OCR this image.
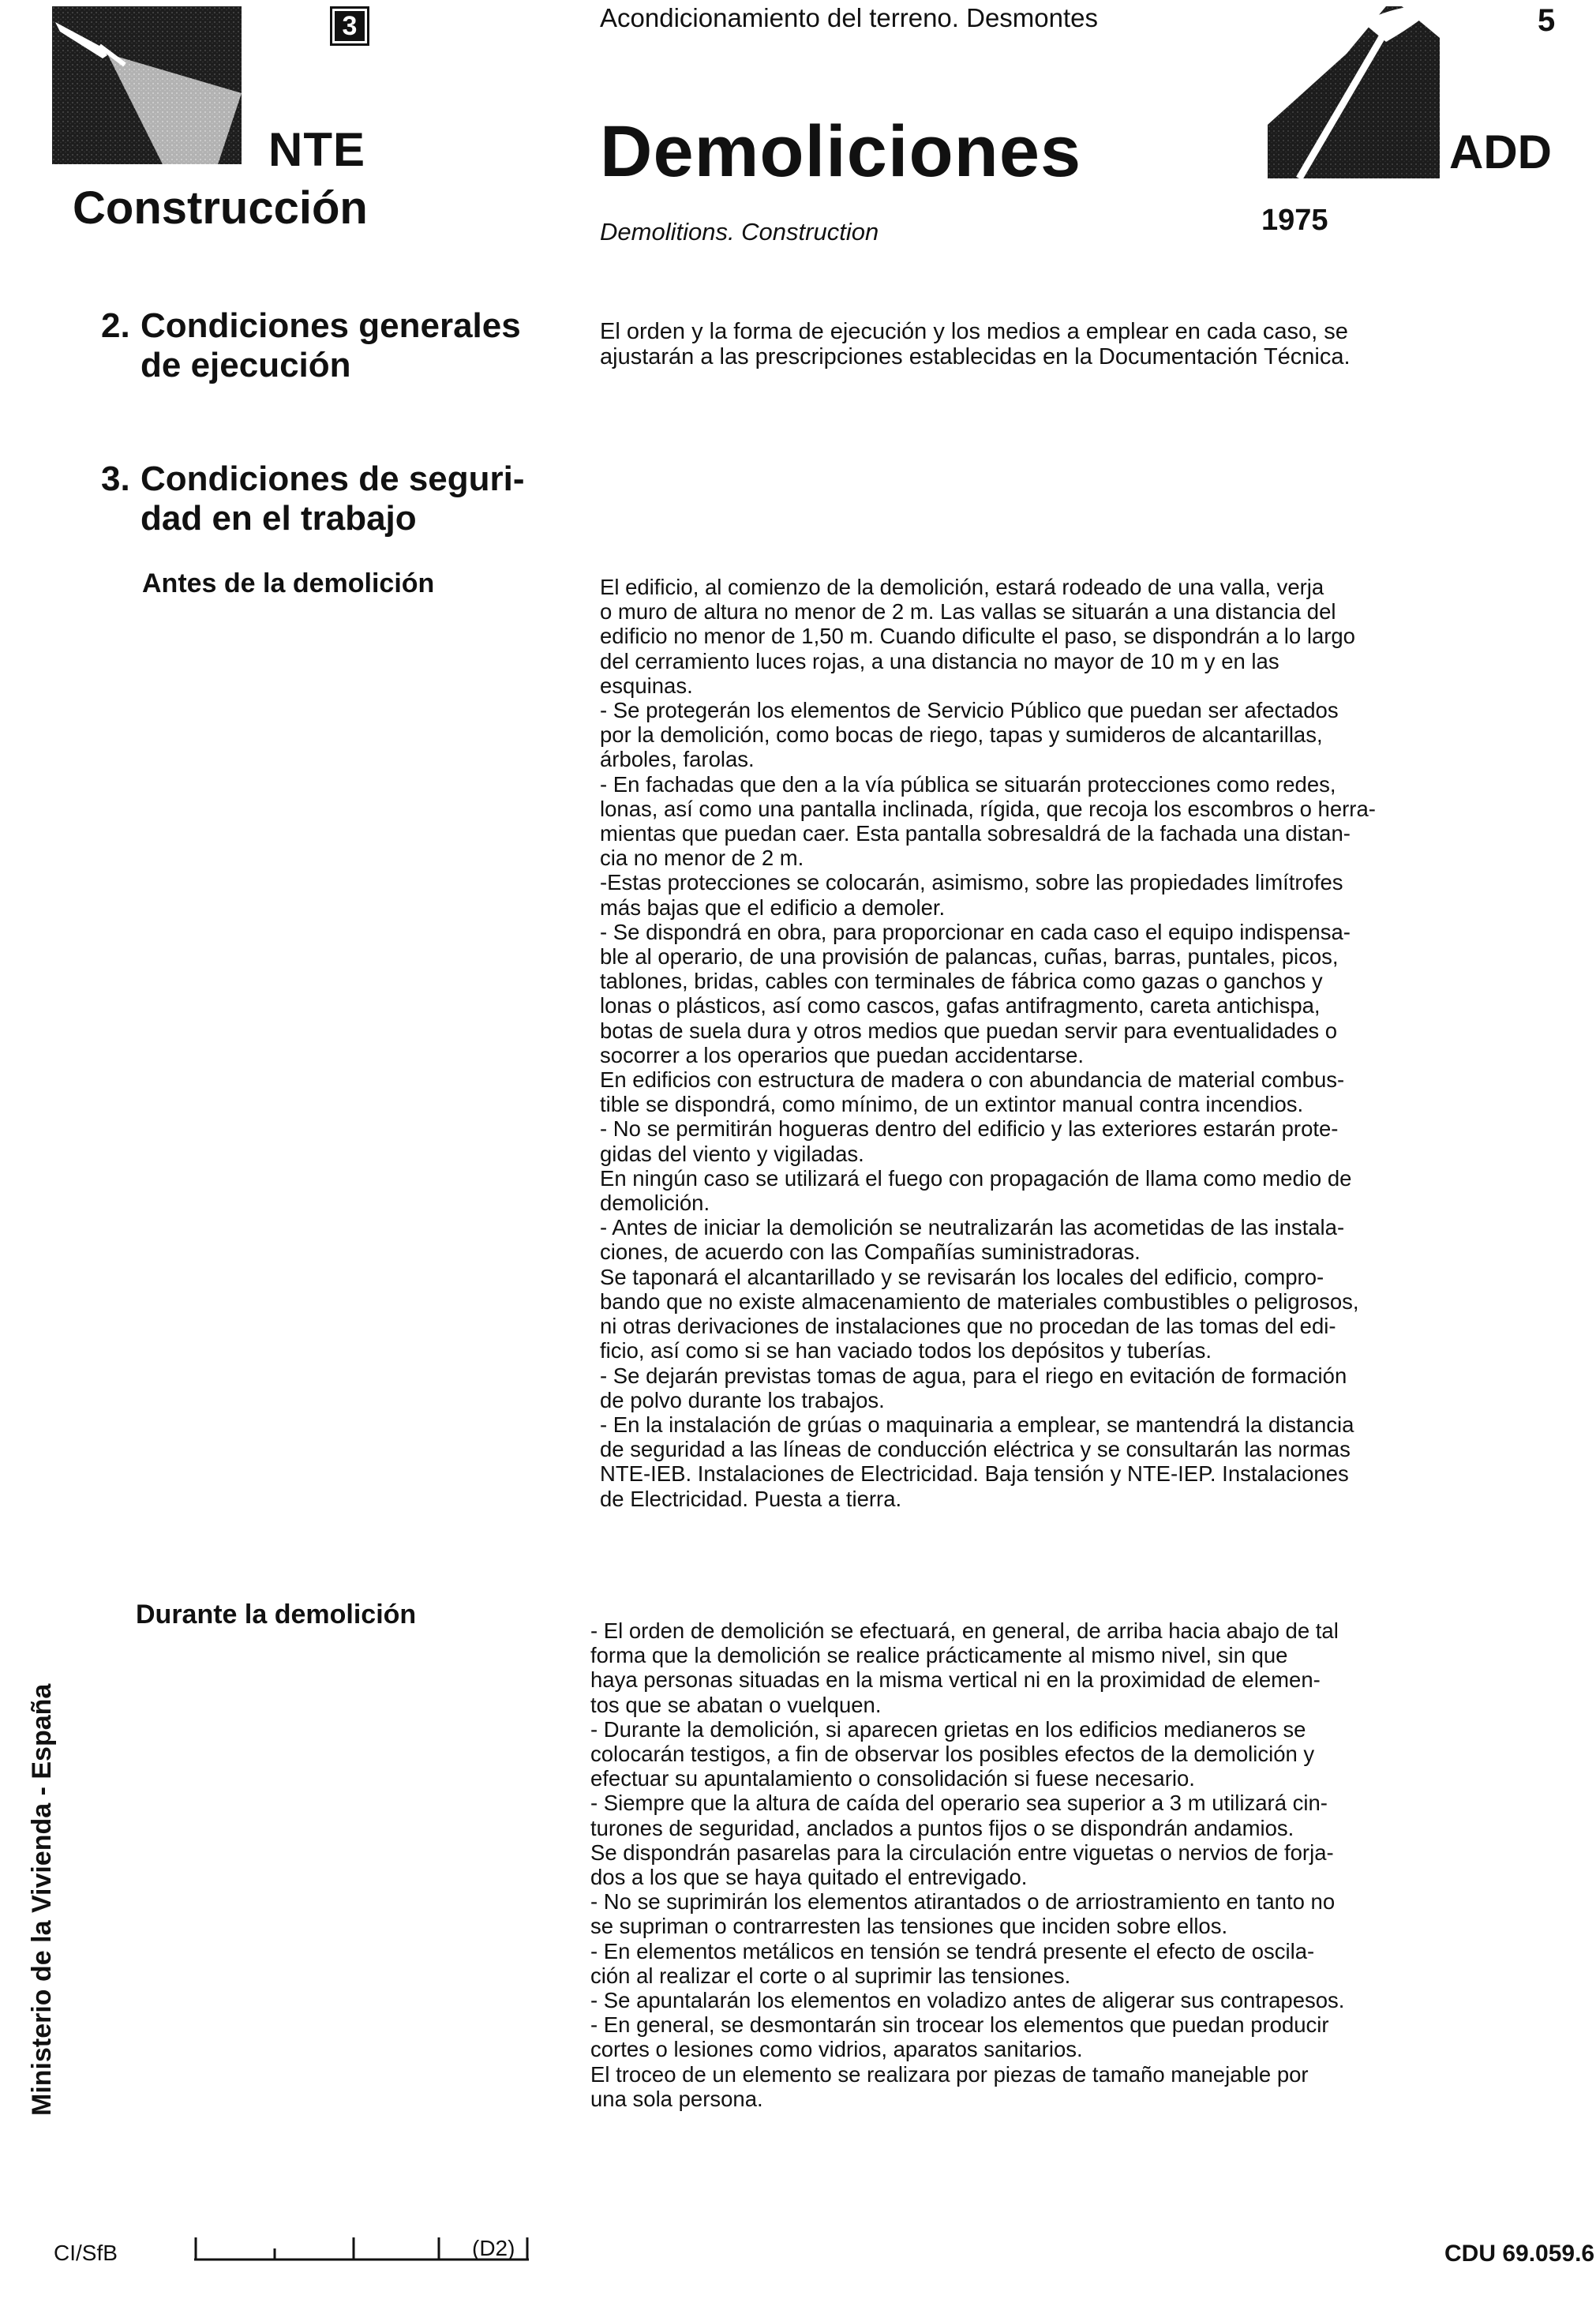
3
NTE
Construcción
Acondicionamiento del terreno. Desmontes
Demoliciones
Demolitions. Construction
ADD
5
1975
2. Condiciones generales
de ejecución

El orden y la forma de ejecución y los medios a emplear en cada caso, se

ajustarán a las prescripciones establecidas en la Documentación Técnica.

3. Condiciones de seguri-
dad en el trabajo
Antes de la demolición	El edificio, al comienzo de la demolición, estará rodeado de una valla, verja

o muro de altura no menor de 2 m. Las vallas se situarán a una distancia del

edificio no menor de 1,50 m. Cuando dificulte el paso, se dispondrán a lo largo

del cerramiento luces rojas, a una distancia no mayor de 10 m y en las

esquinas.

- Se protegerán los elementos de Servicio Público que puedan ser afectados

por la demolición, como bocas de riego, tapas y sumideros de alcantarillas,

árboles, farolas.

- En fachadas que den a la vía pública se situarán protecciones como redes,

lonas, así como una pantalla inclinada, rígida, que recoja los escombros o herra-

mientas que puedan caer. Esta pantalla sobresaldrá de la fachada una distan-

cia no menor de 2 m.

-Estas protecciones se colocarán, asimismo, sobre las propiedades limítrofes

más bajas que el edificio a demoler.

- Se dispondrá en obra, para proporcionar en cada caso el equipo indispensa-

ble al operario, de una provisión de palancas, cuñas, barras, puntales, picos,

tablones, bridas, cables con terminales de fábrica como gazas o ganchos y

lonas o plásticos, así como cascos, gafas antifragmento, careta antichispa,

botas de suela dura y otros medios que puedan servir para eventualidades o

socorrer a los operarios que puedan accidentarse.

En edificios con estructura de madera o con abundancia de material combus-

tible se dispondrá, como mínimo, de un extintor manual contra incendios.

- No se permitirán hogueras dentro del edificio y las exteriores estarán prote-

gidas del viento y vigiladas.

En ningún caso se utilizará el fuego con propagación de llama como medio de

demolición.

- Antes de iniciar la demolición se neutralizarán las acometidas de las instala-

ciones, de acuerdo con las Compañías suministradoras.

Se taponará el alcantarillado y se revisarán los locales del edificio, compro-

bando que no existe almacenamiento de materiales combustibles o peligrosos,

ni otras derivaciones de instalaciones que no procedan de las tomas del edi-

ficio, así como si se han vaciado todos los depósitos y tuberías.

- Se dejarán previstas tomas de agua, para el riego en evitación de formación

de polvo durante los trabajos.

- En la instalación de grúas o maquinaria a emplear, se mantendrá la distancia

de seguridad a las líneas de conducción eléctrica y se consultarán las normas

NTE-IEB. Instalaciones de Electricidad. Baja tensión y NTE-IEP. Instalaciones

de Electricidad. Puesta a tierra.

Durante la demolición

- El orden de demolición se efectuará, en general, de arriba hacia abajo de tal

forma que la demolición se realice prácticamente al mismo nivel, sin que

haya personas situadas en la misma vertical ni en la proximidad de elemen-

tos que se abatan o vuelquen.

- Durante la demolición, si aparecen grietas en los edificios medianeros se

colocarán testigos, a fin de observar los posibles efectos de la demolición y

efectuar su apuntalamiento o consolidación si fuese necesario.

- Siempre que la altura de caída del operario sea superior a 3 m utilizará cin-

turones de seguridad, anclados a puntos fijos o se dispondrán andamios.

Se dispondrán pasarelas para la circulación entre viguetas o nervios de forja-

dos a los que se haya quitado el entrevigado.

- No se suprimirán los elementos atirantados o de arriostramiento en tanto no

se supriman o contrarresten las tensiones que inciden sobre ellos.

- En elementos metálicos en tensión se tendrá presente el efecto de oscila-

ción al realizar el corte o al suprimir las tensiones.

- Se apuntalarán los elementos en voladizo antes de aligerar sus contrapesos.

- En general, se desmontarán sin trocear los elementos que puedan producir

cortes o lesiones como vidrios, aparatos sanitarios.

El troceo de un elemento se realizara por piezas de tamaño manejable por

una sola persona.

Ministerio de la Vivienda - España
CI/SfB	(D2)	CDU 69.059.6
